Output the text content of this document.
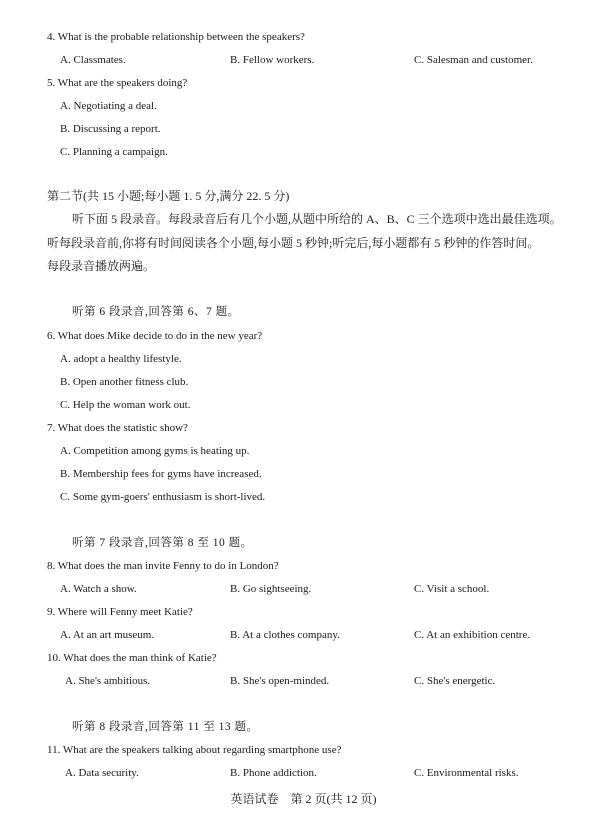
4. What is the probable relationship between the speakers?
A. Classmates.	B. Fellow workers.	C. Salesman and customer.
5. What are the speakers doing?
A. Negotiating a deal.
B. Discussing a report.
C. Planning a campaign.
第二节(共 15 小题;每小题 1. 5 分,满分 22. 5 分)
听下面 5 段录音。每段录音后有几个小题,从题中所给的 A、B、C 三个选项中选出最佳选项。
听每段录音前,你将有时间阅读各个小题,每小题 5 秒钟;听完后,每小题都有 5 秒钟的作答时间。
每段录音播放两遍。
听第 6 段录音,回答第 6、7 题。
6. What does Mike decide to do in the new year?
A. adopt a healthy lifestyle.
B. Open another fitness club.
C. Help the woman work out.
7. What does the statistic show?
A. Competition among gyms is heating up.
B. Membership fees for gyms have increased.
C. Some gym-goers' enthusiasm is short-lived.
听第 7 段录音,回答第 8 至 10 题。
8. What does the man invite Fenny to do in London?
A. Watch a show.	B. Go sightseeing.	C. Visit a school.
9. Where will Fenny meet Katie?
A. At an art museum.	B. At a clothes company.	C. At an exhibition centre.
10. What does the man think of Katie?
A. She's ambitious.	B. She's open-minded.	C. She's energetic.
听第 8 段录音,回答第 11 至 13 题。
11. What are the speakers talking about regarding smartphone use?
A. Data security.	B. Phone addiction.	C. Environmental risks.
英语试卷　第 2 页(共 12 页)
